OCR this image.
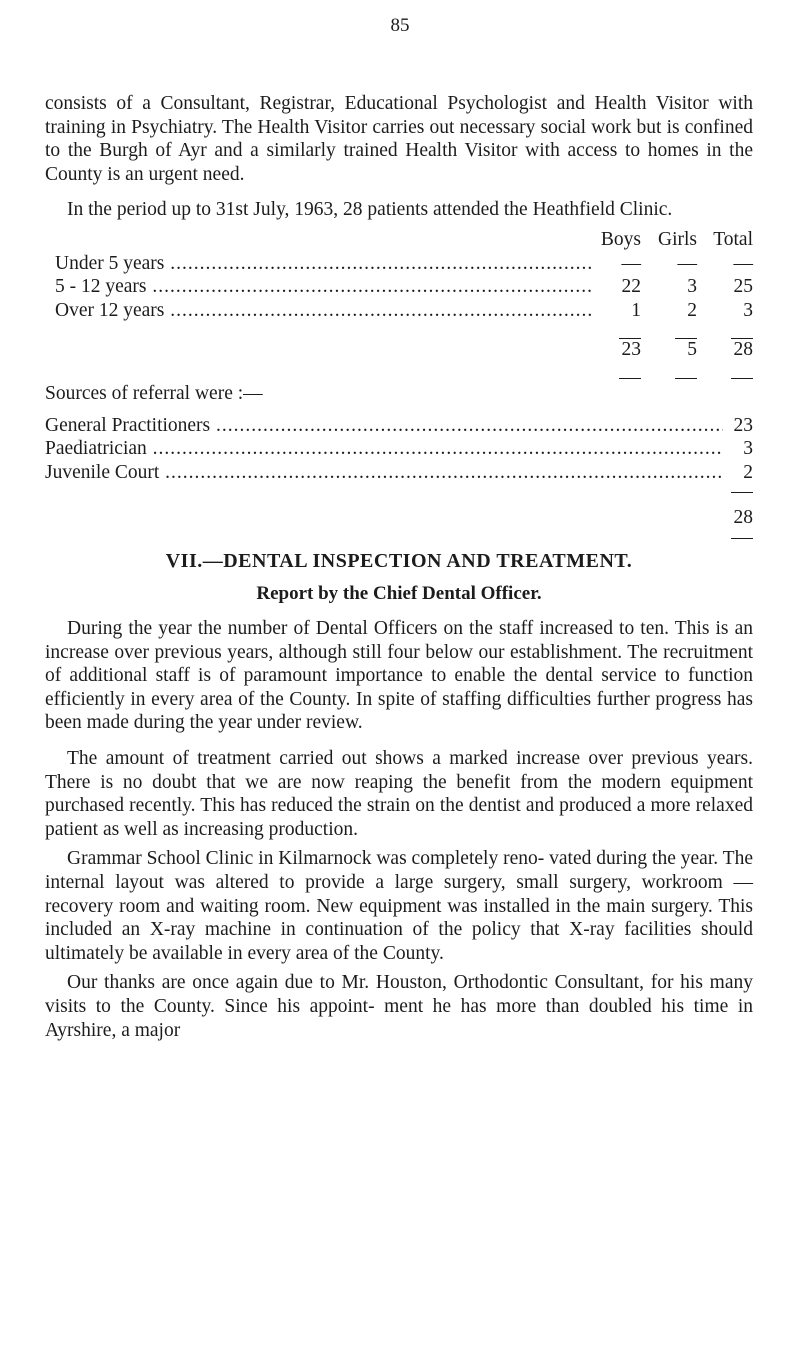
85

consists of a Consultant, Registrar, Educational Psychologist and Health Visitor with training in Psychiatry. The Health Visitor carries out necessary social work but is confined to the Burgh of Ayr and a similarly trained Health Visitor with access to homes in the County is an urgent need.

In the period up to 31st July, 1963, 28 patients attended the Heathfield Clinic.

Boys Girls Total
Under 5 years .....	—	—	—
5 - 12 years .....	22	3	25
Over 12 years .....	1	2	3
23	5	28

Sources of referral were :—

General Practitioners .....	23
Paediatrician .....	3
Juvenile Court .....	2
28
VII.—DENTAL INSPECTION AND TREATMENT.
Report by the Chief Dental Officer.

During the year the number of Dental Officers on the staff increased to ten. This is an increase over previous years, although still four below our establishment. The recruitment of additional staff is of paramount importance to enable the dental service to function efficiently in every area of the County. In spite of staffing difficulties further progress has been made during the year under review.

The amount of treatment carried out shows a marked increase over previous years. There is no doubt that we are now reaping the benefit from the modern equipment purchased recently. This has reduced the strain on the dentist and produced a more relaxed patient as well as increasing production.

Grammar School Clinic in Kilmarnock was completely reno- vated during the year. The internal layout was altered to provide a large surgery, small surgery, workroom — recovery room and waiting room. New equipment was installed in the main surgery. This included an X-ray machine in continuation of the policy that X-ray facilities should ultimately be available in every area of the County.

Our thanks are once again due to Mr. Houston, Orthodontic Consultant, for his many visits to the County. Since his appoint- ment he has more than doubled his time in Ayrshire, a major
